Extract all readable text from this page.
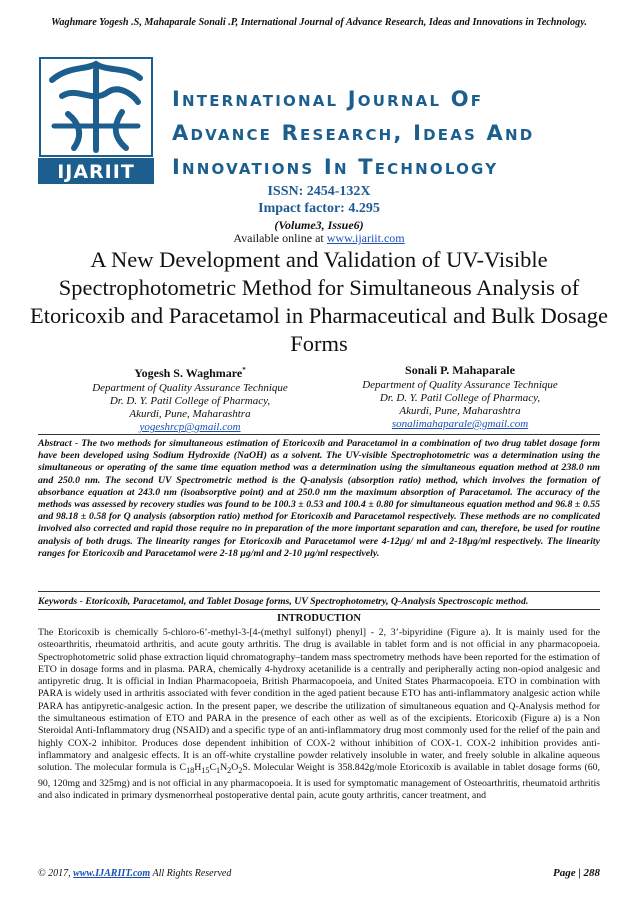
Waghmare Yogesh .S, Mahaparale Sonali .P, International Journal of Advance Research, Ideas and Innovations in Technology.
IJARIIT
International Journal Of
Advance Research, Ideas And
Innovations In Technology
ISSN: 2454-132X
Impact factor: 4.295
(Volume3, Issue6)
Available online at www.ijariit.com
A New Development and Validation of UV-Visible Spectrophotometric Method for Simultaneous Analysis of Etoricoxib and Paracetamol in Pharmaceutical and Bulk Dosage Forms
Yogesh S. Waghmare*
Department of Quality Assurance Technique
Dr. D. Y. Patil College of Pharmacy,
Akurdi, Pune, Maharashtra
yogeshrcp@gmail.com
Sonali P. Mahaparale
Department of Quality Assurance Technique
Dr. D. Y. Patil College of Pharmacy,
Akurdi, Pune, Maharashtra
sonalimahaparale@gmail.com

Abstract - The two methods for simultaneous estimation of Etoricoxib and Paracetamol in a combination of two drug tablet dosage form have been developed using Sodium Hydroxide (NaOH) as a solvent. The UV-visible Spectrophotometric was a determination using the simultaneous or operating of the same time equation method was a determination using the simultaneous equation method at 238.0 nm and 250.0 nm. The second UV Spectrometric method is the Q-analysis (absorption ratio) method, which involves the formation of absorbance equation at 243.0 nm (isoabsorptive point) and at 250.0 nm the maximum absorption of Paracetamol. The accuracy of the methods was assessed by recovery studies was found to be 100.3 ± 0.53 and 100.4 ± 0.80 for simultaneous equation method and 96.8 ± 0.55 and 98.18 ± 0.58 for Q analysis (absorption ratio) method for Etoricoxib and Paracetamol respectively. These methods are no complicated involved also corrected and rapid those require no in preparation of the more important separation and can, therefore, be used for routine analysis of both drugs. The linearity ranges for Etoricoxib and Paracetamol were 4-12µg/ ml and 2-18µg/ml respectively. The linearity ranges for Etoricoxib and Paracetamol were 2-18 µg/ml and 2-10 µg/ml respectively.

Keywords - Etoricoxib, Paracetamol, and Tablet Dosage forms, UV Spectrophotometry, Q-Analysis Spectroscopic method.

INTRODUCTION

The Etoricoxib is chemically 5-chloro-6’-methyl-3-[4-(methyl sulfonyl) phenyl] - 2, 3’-bipyridine (Figure a). It is mainly used for the osteoarthritis, rheumatoid arthritis, and acute gouty arthritis. The drug is available in tablet form and is not official in any pharmacopoeia. Spectrophotometric solid phase extraction liquid chromatography–tandem mass spectrometry methods have been reported for the estimation of ETO in dosage forms and in plasma. PARA, chemically 4-hydroxy acetanilide is a centrally and peripherally acting non-opiod analgesic and antipyretic drug. It is official in Indian Pharmacopoeia, British Pharmacopoeia, and United States Pharmacopoeia. ETO in combination with PARA is widely used in arthritis associated with fever condition in the aged patient because ETO has anti-inflammatory analgesic action while PARA has antipyretic-analgesic action. In the present paper, we describe the utilization of simultaneous equation and Q-Analysis method for the simultaneous estimation of ETO and PARA in the presence of each other as well as of the excipients. Etoricoxib (Figure a) is a Non Steroidal Anti-Inflammatory drug (NSAID) and a specific type of an anti-inflammatory drug most commonly used for the relief of the pain and highly COX-2 inhibitor. Produces dose dependent inhibition of COX-2 without inhibition of COX-1. COX-2 inhibition provides anti-inflammatory and analgesic effects. It is an off-white crystalline powder relatively insoluble in water, and freely soluble in alkaline aqueous solution. The molecular formula is $C_{18}H_{15}C_1N_2O_2S$. Molecular Weight is 358.842g/mole Etoricoxib is available in tablet dosage forms (60, 90, 120mg and 325mg) and is not official in any pharmacopoeia. It is used for symptomatic management of Osteoarthritis, rheumatoid arthritis and also indicated in primary dysmenorrheal postoperative dental pain, acute gouty arthritis, cancer treatment, and

© 2017, www.IJARIIT.com All Rights Reserved	Page | 288
